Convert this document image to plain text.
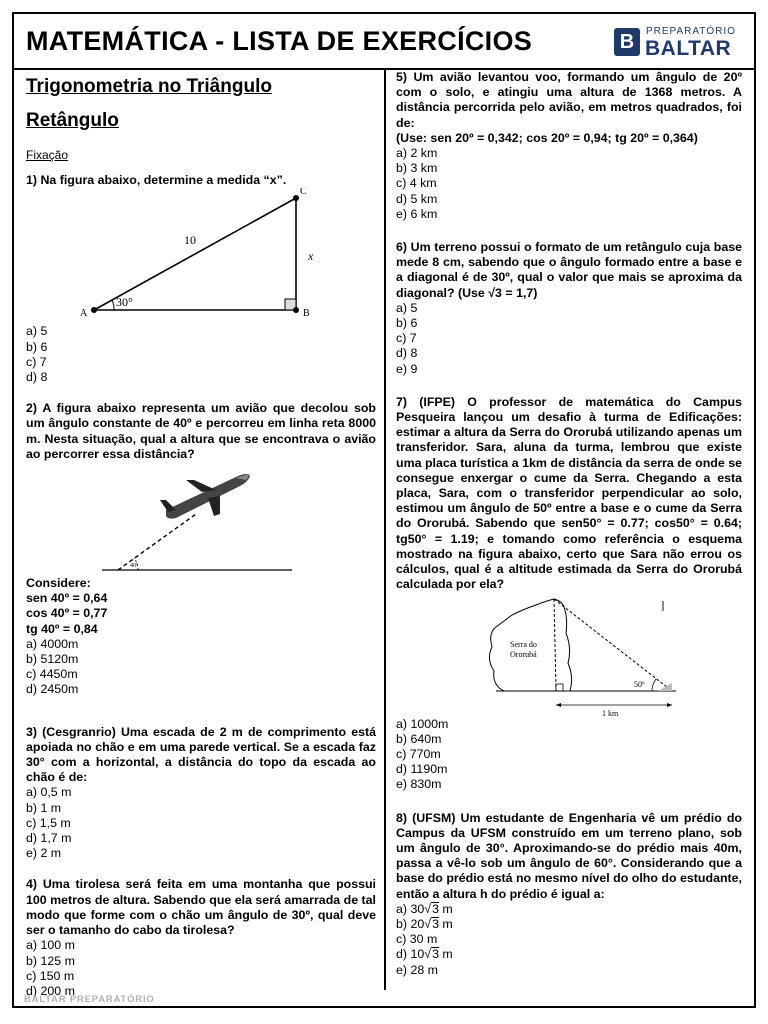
MATEMÁTICA - LISTA DE EXERCÍCIOS	B	PREPARATÓRIO
BALTAR
Trigonometria no Triângulo
Retângulo
Fixação
1) Na figura abaixo, determine a medida “x”.
A	B
C
10
30°
x
a) 5
b) 6
c) 7
d) 8
2) A figura abaixo representa um avião que decolou sob um ângulo constante de 40º e percorreu em linha reta 8000 m. Nesta situação, qual a altura que se encontrava o avião ao percorrer essa distância?
40º
Considere:
sen 40º = 0,64
cos 40º = 0,77
tg 40º = 0,84
a) 4000m
b) 5120m
c) 4450m
d) 2450m
3) (Cesgranrio) Uma escada de 2 m de comprimento está apoiada no chão e em uma parede vertical. Se a escada faz 30° com a horizontal, a distância do topo da escada ao chão é de:
a) 0,5 m
b) 1 m
c) 1,5 m
d) 1,7 m
e) 2 m
4) Uma tirolesa será feita em uma montanha que possui 100 metros de altura. Sabendo que ela será amarrada de tal modo que forme com o chão um ângulo de 30º, qual deve ser o tamanho do cabo da tirolesa?
a) 100 m
b) 125 m
c) 150 m
d) 200 m
5) Um avião levantou voo, formando um ângulo de 20º com o solo, e atingiu uma altura de 1368 metros. A distância percorrida pelo avião, em metros quadrados, foi de:
(Use: sen 20º = 0,342; cos 20º = 0,94; tg 20º = 0,364)
a) 2 km
b) 3 km
c) 4 km
d) 5 km
e) 6 km
6) Um terreno possui o formato de um retângulo cuja base mede 8 cm, sabendo que o ângulo formado entre a base e a diagonal é de 30º, qual o valor que mais se aproxima da diagonal? (Use √3 = 1,7)
a) 5
b) 6
c) 7
d) 8
e) 9
7) (IFPE) O professor de matemática do Campus Pesqueira lançou um desafio à turma de Edificações: estimar a altura da Serra do Ororubá utilizando apenas um transferidor. Sara, aluna da turma, lembrou que existe uma placa turística a 1km de distância da serra de onde se consegue enxergar o cume da Serra. Chegando a esta placa, Sara, com o transferidor perpendicular ao solo, estimou um ângulo de 50º entre a base e o cume da Serra do Ororubá. Sabendo que sen50° = 0.77; cos50° = 0.64; tg50° = 1.19; e tomando como referência o esquema mostrado na figura abaixo, certo que Sara não errou os cálculos, qual é a altitude estimada da Serra do Ororubá calculada por ela?
Serra do
Ororubá
50º
1 km
a) 1000m
b) 640m
c) 770m
d) 1190m
e) 830m
8) (UFSM) Um estudante de Engenharia vê um prédio do Campus da UFSM construído em um terreno plano, sob um ângulo de 30°. Aproximando-se do prédio mais 40m, passa a vê-lo sob um ângulo de 60°. Considerando que a base do prédio está no mesmo nível do olho do estudante, então a altura h do prédio é igual a:
a) 30√3 m
b) 20√3 m
c) 30 m
d) 10√3 m
e) 28 m
BALTAR PREPARATÓRIO
